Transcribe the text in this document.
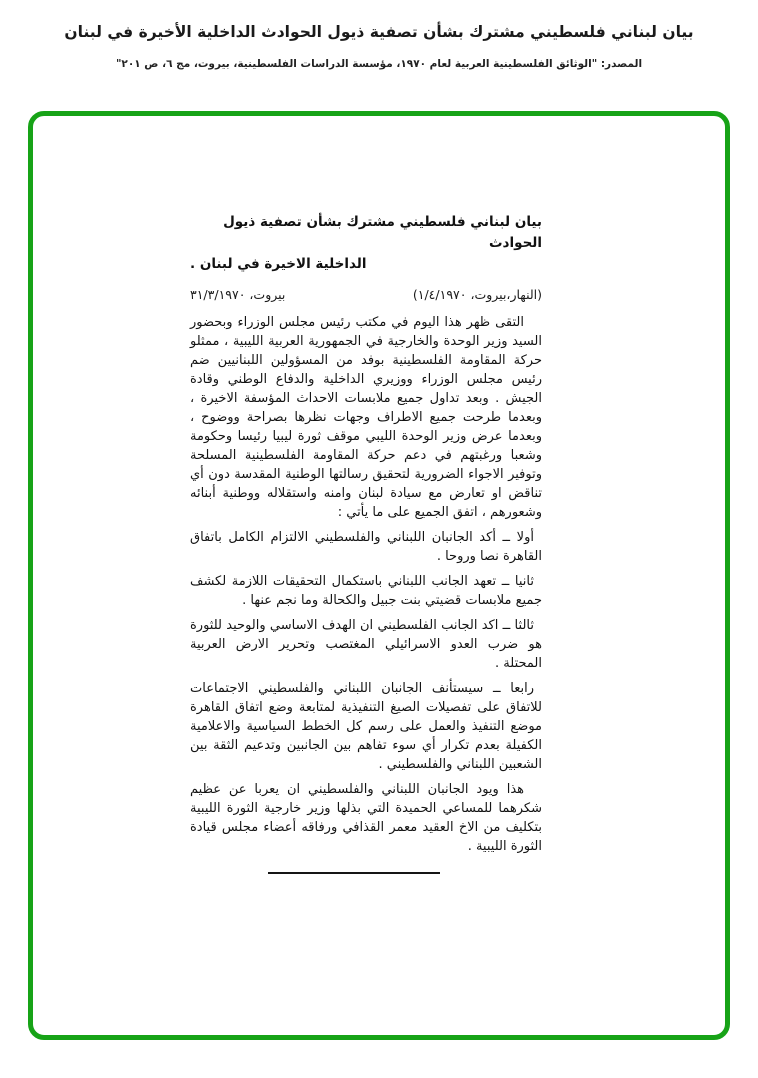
بيان لبناني فلسطيني مشترك بشأن تصفية ذيول الحوادث الداخلية الأخيرة في لبنان
المصدر: "الوثائق الفلسطينية العربية لعام ١٩٧٠، مؤسسة الدراسات الفلسطينية، بيروت، مج ٦، ص ٢٠١"
بيان لبناني فلسطيني مشترك بشأن تصفية ذيول الحوادث
الداخلية الاخيرة في لبنان .
بيروت، ٣١/٣/١٩٧٠	(النهار،بيروت، ١/٤/١٩٧٠)

التقى ظهر هذا اليوم في مكتب رئيس مجلس الوزراء وبحضور السيد وزير الوحدة والخارجية في الجمهورية العربية الليبية ، ممثلو حركة المقاومة الفلسطينية بوفد من المسؤولين اللبنانيين ضم رئيس مجلس الوزراء ووزيري الداخلية والدفاع الوطني وقادة الجيش . وبعد تداول جميع ملابسات الاحداث المؤسفة الاخيرة ، وبعدما طرحت جميع الاطراف وجهات نظرها بصراحة ووضوح ، وبعدما عرض وزير الوحدة الليبي موقف ثورة ليبيا رئيسا وحكومة وشعبا ورغبتهم في دعم حركة المقاومة الفلسطينية المسلحة وتوفير الاجواء الضرورية لتحقيق رسالتها الوطنية المقدسة دون أي تناقض او تعارض مع سيادة لبنان وامنه واستقلاله ووطنية أبنائه وشعورهم ، اتفق الجميع على ما يأتي :

أولا ــ أكد الجانبان اللبناني والفلسطيني الالتزام الكامل باتفاق القاهرة نصا وروحا .

ثانيا ــ تعهد الجانب اللبناني باستكمال التحقيقات اللازمة لكشف جميع ملابسات قضيتي بنت جبيل والكحالة وما نجم عنها .

ثالثا ــ اكد الجانب الفلسطيني ان الهدف الاساسي والوحيد للثورة هو ضرب العدو الاسرائيلي المغتصب وتحرير الارض العربية المحتلة .

رابعا ــ سيستأنف الجانبان اللبناني والفلسطيني الاجتماعات للاتفاق على تفصيلات الصيغ التنفيذية لمتابعة وضع اتفاق القاهرة موضع التنفيذ والعمل على رسم كل الخطط السياسية والاعلامية الكفيلة بعدم تكرار أي سوء تفاهم بين الجانبين وتدعيم الثقة بين الشعبين اللبناني والفلسطيني .

هذا ويود الجانبان اللبناني والفلسطيني ان يعربا عن عظيم شكرهما للمساعي الحميدة التي بذلها وزير خارجية الثورة الليبية بتكليف من الاخ العقيد معمر القذافي ورفاقه أعضاء مجلس قيادة الثورة الليبية .
